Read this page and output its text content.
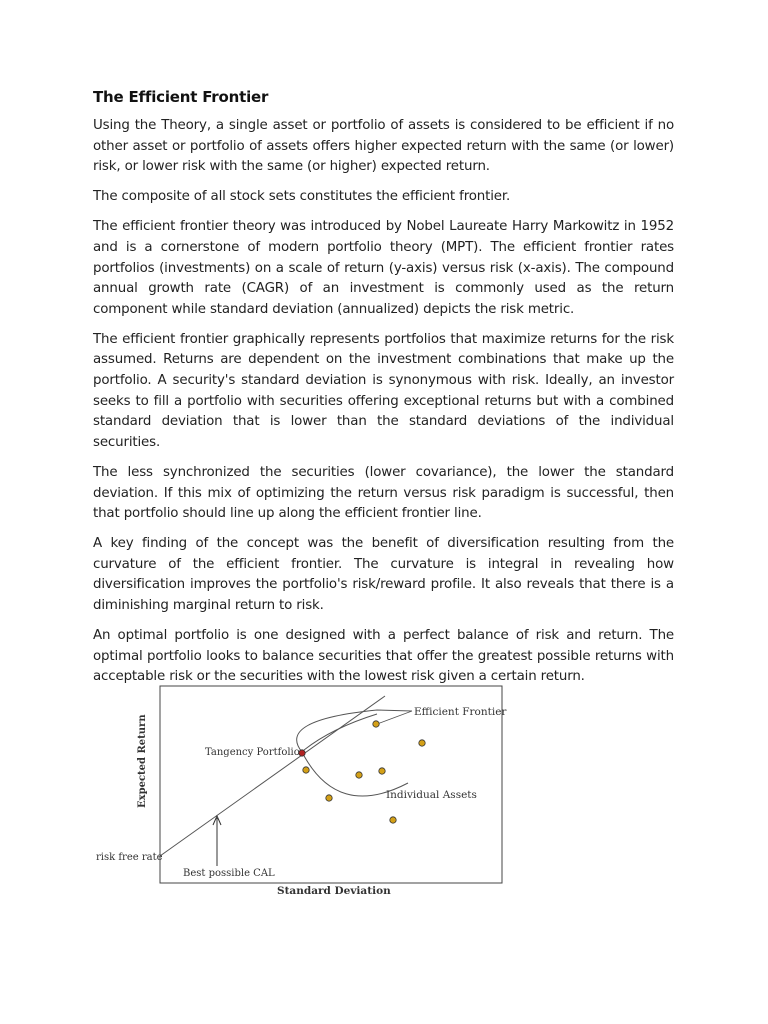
The Efficient Frontier

Using the Theory, a single asset or portfolio of assets is considered to be efficient if no other asset or portfolio of assets offers higher expected return with the same (or lower) risk, or lower risk with the same (or higher) expected return.

The composite of all stock sets constitutes the efficient frontier.

The efficient frontier theory was introduced by Nobel Laureate Harry Markowitz in 1952 and is a cornerstone of modern portfolio theory (MPT). The efficient frontier rates portfolios (investments) on a scale of return (y-axis) versus risk (x-axis). The compound annual growth rate (CAGR) of an investment is commonly used as the return component while standard deviation (annualized) depicts the risk metric.

The efficient frontier graphically represents portfolios that maximize returns for the risk assumed. Returns are dependent on the investment combinations that make up the portfolio. A security's standard deviation is synonymous with risk. Ideally, an investor seeks to fill a portfolio with securities offering exceptional returns but with a combined standard deviation that is lower than the standard deviations of the individual securities.

The less synchronized the securities (lower covariance), the lower the standard deviation. If this mix of optimizing the return versus risk paradigm is successful, then that portfolio should line up along the efficient frontier line.

A key finding of the concept was the benefit of diversification resulting from the curvature of the efficient frontier. The curvature is integral in revealing how diversification improves the portfolio's risk/reward profile. It also reveals that there is a diminishing marginal return to risk.

An optimal portfolio is one designed with a perfect balance of risk and return. The optimal portfolio looks to balance securities that offer the greatest possible returns with acceptable risk or the securities with the lowest risk given a certain return.

Efficient Frontier
Tangency Portfolio
Individual Assets
risk free rate
Best possible CAL
Standard Deviation
Expected Return
